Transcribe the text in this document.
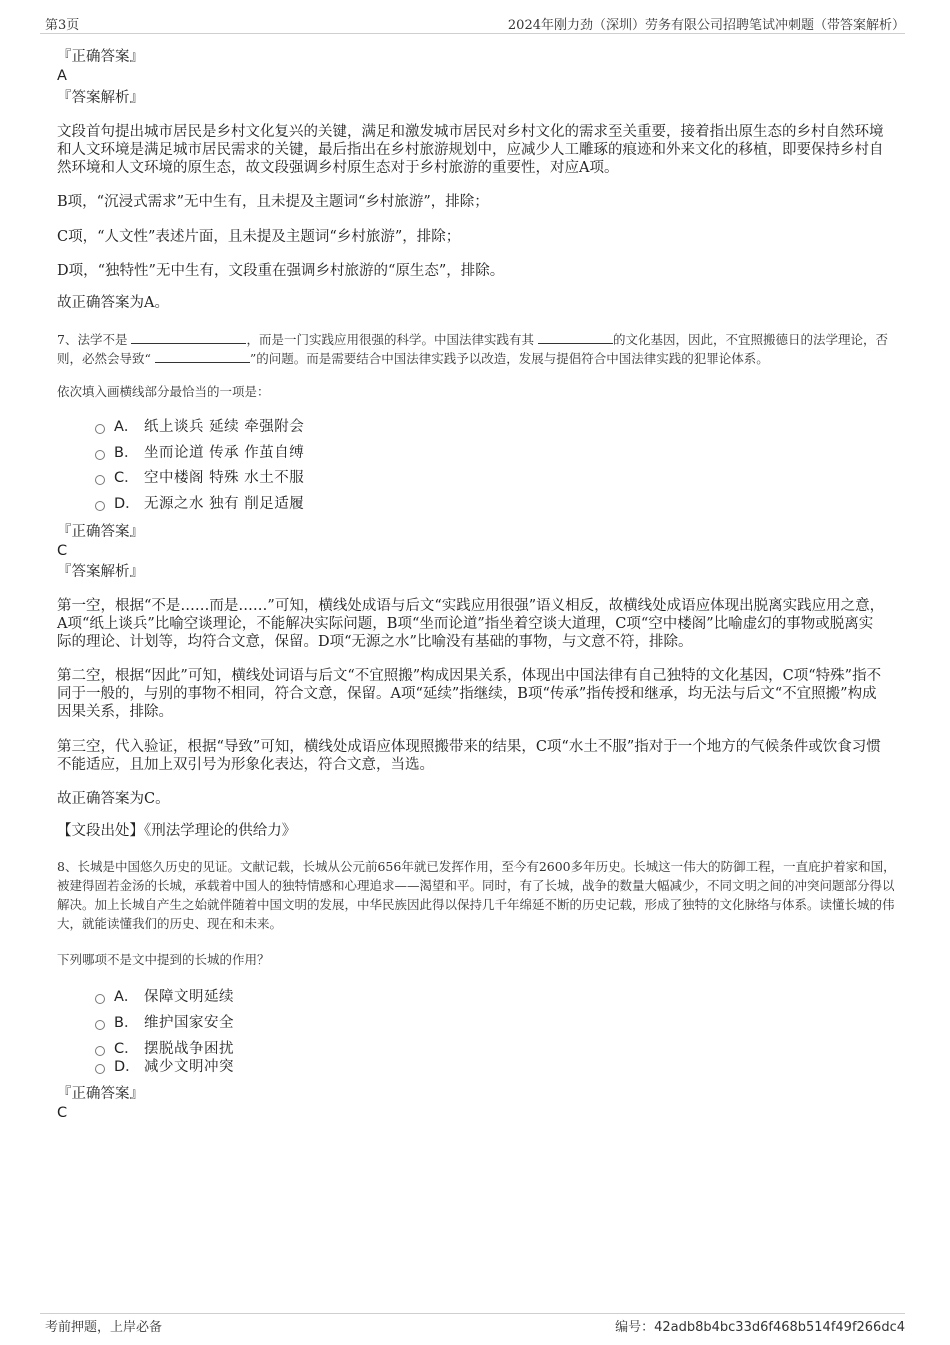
第3页	2024年刚力劲（深圳）劳务有限公司招聘笔试冲刺题（带答案解析）
『正确答案』
A
『答案解析』
文段首句提出城市居民是乡村文化复兴的关键，满足和激发城市居民对乡村文化的需求至关重要，接着指出原生态的乡村自然环境和人文环境是满足城市居民需求的关键，最后指出在乡村旅游规划中，应减少人工雕琢的痕迹和外来文化的移植，即要保持乡村自然环境和人文环境的原生态，故文段强调乡村原生态对于乡村旅游的重要性，对应A项。
B项，“沉浸式需求”无中生有，且未提及主题词“乡村旅游”，排除；
C项，“人文性”表述片面，且未提及主题词“乡村旅游”，排除；
D项，“独特性”无中生有，文段重在强调乡村旅游的“原生态”，排除。
故正确答案为A。
7、法学不是	，而是一门实践应用很强的科学。中国法律实践有其	的文化基因，因此，不宜照搬德日的法学理论，否则，必然会导致“	”的问题。而是需要结合中国法律实践予以改造，发展与提倡符合中国法律实践的犯罪论体系。
依次填入画横线部分最恰当的一项是：
A． 纸上谈兵 延续 牵强附会
B． 坐而论道 传承 作茧自缚
C． 空中楼阁 特殊 水土不服
D． 无源之水 独有 削足适履
『正确答案』
C
『答案解析』
第一空，根据“不是……而是……”可知，横线处成语与后文“实践应用很强”语义相反，故横线处成语应体现出脱离实践应用之意，A项“纸上谈兵”比喻空谈理论，不能解决实际问题，B项“坐而论道”指坐着空谈大道理，C项“空中楼阁”比喻虚幻的事物或脱离实际的理论、计划等，均符合文意，保留。D项“无源之水”比喻没有基础的事物，与文意不符，排除。
第二空，根据“因此”可知，横线处词语与后文“不宜照搬”构成因果关系，体现出中国法律有自己独特的文化基因，C项“特殊”指不同于一般的，与别的事物不相同，符合文意，保留。A项“延续”指继续，B项“传承”指传授和继承，均无法与后文“不宜照搬”构成因果关系，排除。
第三空，代入验证，根据“导致”可知，横线处成语应体现照搬带来的结果，C项“水土不服”指对于一个地方的气候条件或饮食习惯不能适应，且加上双引号为形象化表达，符合文意，当选。
故正确答案为C。
【文段出处】《刑法学理论的供给力》
8、长城是中国悠久历史的见证。文献记载，长城从公元前656年就已发挥作用，至今有2600多年历史。长城这一伟大的防御工程，一直庇护着家和国，被建得固若金汤的长城，承载着中国人的独特情感和心理追求——渴望和平。同时，有了长城，战争的数量大幅减少，不同文明之间的冲突问题部分得以解决。加上长城自产生之始就伴随着中国文明的发展，中华民族因此得以保持几千年绵延不断的历史记载，形成了独特的文化脉络与体系。读懂长城的伟大，就能读懂我们的历史、现在和未来。
下列哪项不是文中提到的长城的作用？
A． 保障文明延续
B． 维护国家安全
C． 摆脱战争困扰
D． 减少文明冲突
『正确答案』
C
考前押题，上岸必备	编号：42adb8b4bc33d6f468b514f49f266dc4
